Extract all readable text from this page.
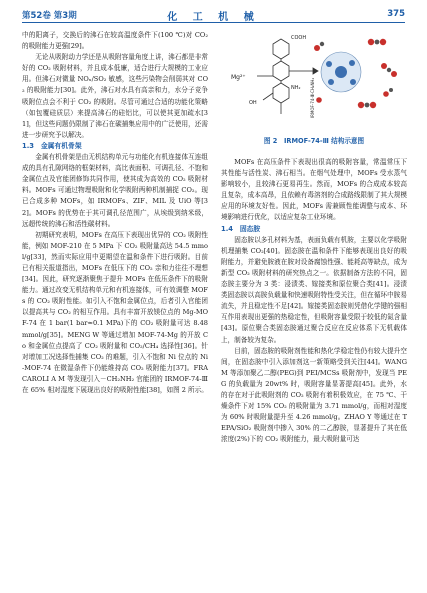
第52卷 第3期	化 工 机 械	375

中的阳离子，交换后的沸石在较高温度条件下(100 ℃)对 CO₂ 的吸附能力更强[29]。

无论从吸附动力学还是从吸附容量角度上讲，沸石都是非常好的 CO₂ 吸附材料，并且成本低廉，适合进行大规模的工业应用。但沸石对微量 NOₓ/SO₂ 敏感，这些污染物会削弱其对 CO₂ 的吸附能力[30]。此外，沸石对水具有高亲和力，水分子竞争吸附位点会不利于 CO₂ 的吸附。尽管可通过合适的功能化策略（如包覆硅质层）来提高沸石的硅铝比，可以使其更加疏水[31]，但这些问题仍限制了沸石在碳捕集应用中的广泛使用，还需进一步研究予以解决。

1.3　金属有机骨架

金属有机骨架是由无机结构单元与功能化有机连接体互连组成的具有孔隙网络的框架材料，高比表面积、可调孔径、不饱和金属位点及官能团修饰共同作用，使其成为高效的 CO₂ 吸附材料。MOFs 可通过物理吸附和化学吸附两种机制捕捉 CO₂。现已合成多种 MOFs，如 IRMOFs、ZIF、MIL 及 UiO 等[32]。MOFs 的优势在于其可调孔径范围广，从埃级到纳米级，远超传统的沸石和活性碳材料。

初期研究表明，MOFs 在高压下表现出优异的 CO₂ 吸附性能，例如 MOF-210 在 5 MPa 下 CO₂ 吸附量高达 54.5 mmol/g[33]，然而实际应用中更期望在温和条件下进行吸附。目前已有相关报道指出，MOFs 在低压下的 CO₂ 亲和力往往不理想[34]。因此，研究逐渐聚焦于提升 MOFs 在低压条件下的吸附能力。通过改变无机结构单元和有机连接体，可有效调整 MOFs 的 CO₂ 吸附性能。如引入不饱和金属位点，后者引入官能团以提高其与 CO₂ 的相互作用。具有丰富开放镁位点的 Mg-MOF-74 在 1 bar(1 bar≈0.1 MPa)下的 CO₂ 吸附量可达 8.48 mmol/g[35]。MENG W 等通过增加 MOF-74-Mg 的开放 Co 和金属位点提高了 CO₂ 吸附量和 CO₂/CH₄ 选择性[36]。针对增加工况选择性捕集 CO₂ 的难题，引入不饱和 Ni 位点的 Ni-MOF-74 在微湿条件下仍能维持高 CO₂ 吸附能力[37]。FRACAROLI A M 等发现引入－CH₂NH₂ 官能团的 IRMOF-74-Ⅲ 在 65% 相对湿度下展现出良好的吸附性能[38]，如图 2 所示。

Mg²⁺
COOH
NH₂
OH	IRMOF-74-Ⅲ-CH₂NH₂
图 2　IRMOF-74-Ⅲ 结构示意图

MOFs 在高压条件下表现出很高的吸附容量，常温常压下其性能与活性炭、沸石相当。在烟气处理中，MOFs 受水蒸气影响较小，且较沸石更易再生。然而，MOFs 的合成成本较高且复杂，成本高昂，且依赖有毒溶剂的合成路线限制了其大规模应用的环境友好性。因此，MOFs 需兼顾性能调整与成本、环境影响进行优化，以适应复杂工业环境。

1.4　固态胺

固态胺以多孔材料为基，表面负载有机胺，主要以化学吸附机理捕集 CO₂[40]。固态胺在温和条件下能够表现出良好的吸附能力，并避免胺液在胺对设备腐蚀性强、能耗高等缺点，成为新型 CO₂ 吸附材料的研究热点之一。依据制备方法的不同，固态胺主要分为 3 类：浸渍类、嫁接类和原位聚合类[41]。浸渍类固态胺以高胺负载量和快速吸附特性受关注，但在循环中胺易流失，并且稳定性不足[42]。嫁接类固态胺则凭借化学键的强相互作用表现出更强的热稳定性，但吸附容量受限于较低的氮含量[43]。原位聚合类固态胺通过聚合反应在反应体系下无机载体上，制备较为复杂。

目前，固态胺的吸附剂性能和热化学稳定性仍有较大提升空间，在固态胺中引入添加剂这一新策略受到关注[44]。WANG M 等添加聚乙二醇(PEG)到 PEI/MCSs 吸附剂中，发现当 PEG 的负载量为 20wt% 时，吸附容量显著提高[45]。此外，水的存在对于此吸附剂的 CO₂ 吸附有着积极效应，在 75 ℃、干燥条件下对 15% CO₂ 的吸附量为 3.71 mmol/g，而相对湿度为 60% 时吸附量提升至 4.26 mmol/g。ZHAO Y 等通过在 TEPA/SiO₂ 吸附剂中掺入 30% 的二乙醇胺，显著提升了其在低浓度(2%)下的 CO₂ 吸附能力，最大吸附量可达
